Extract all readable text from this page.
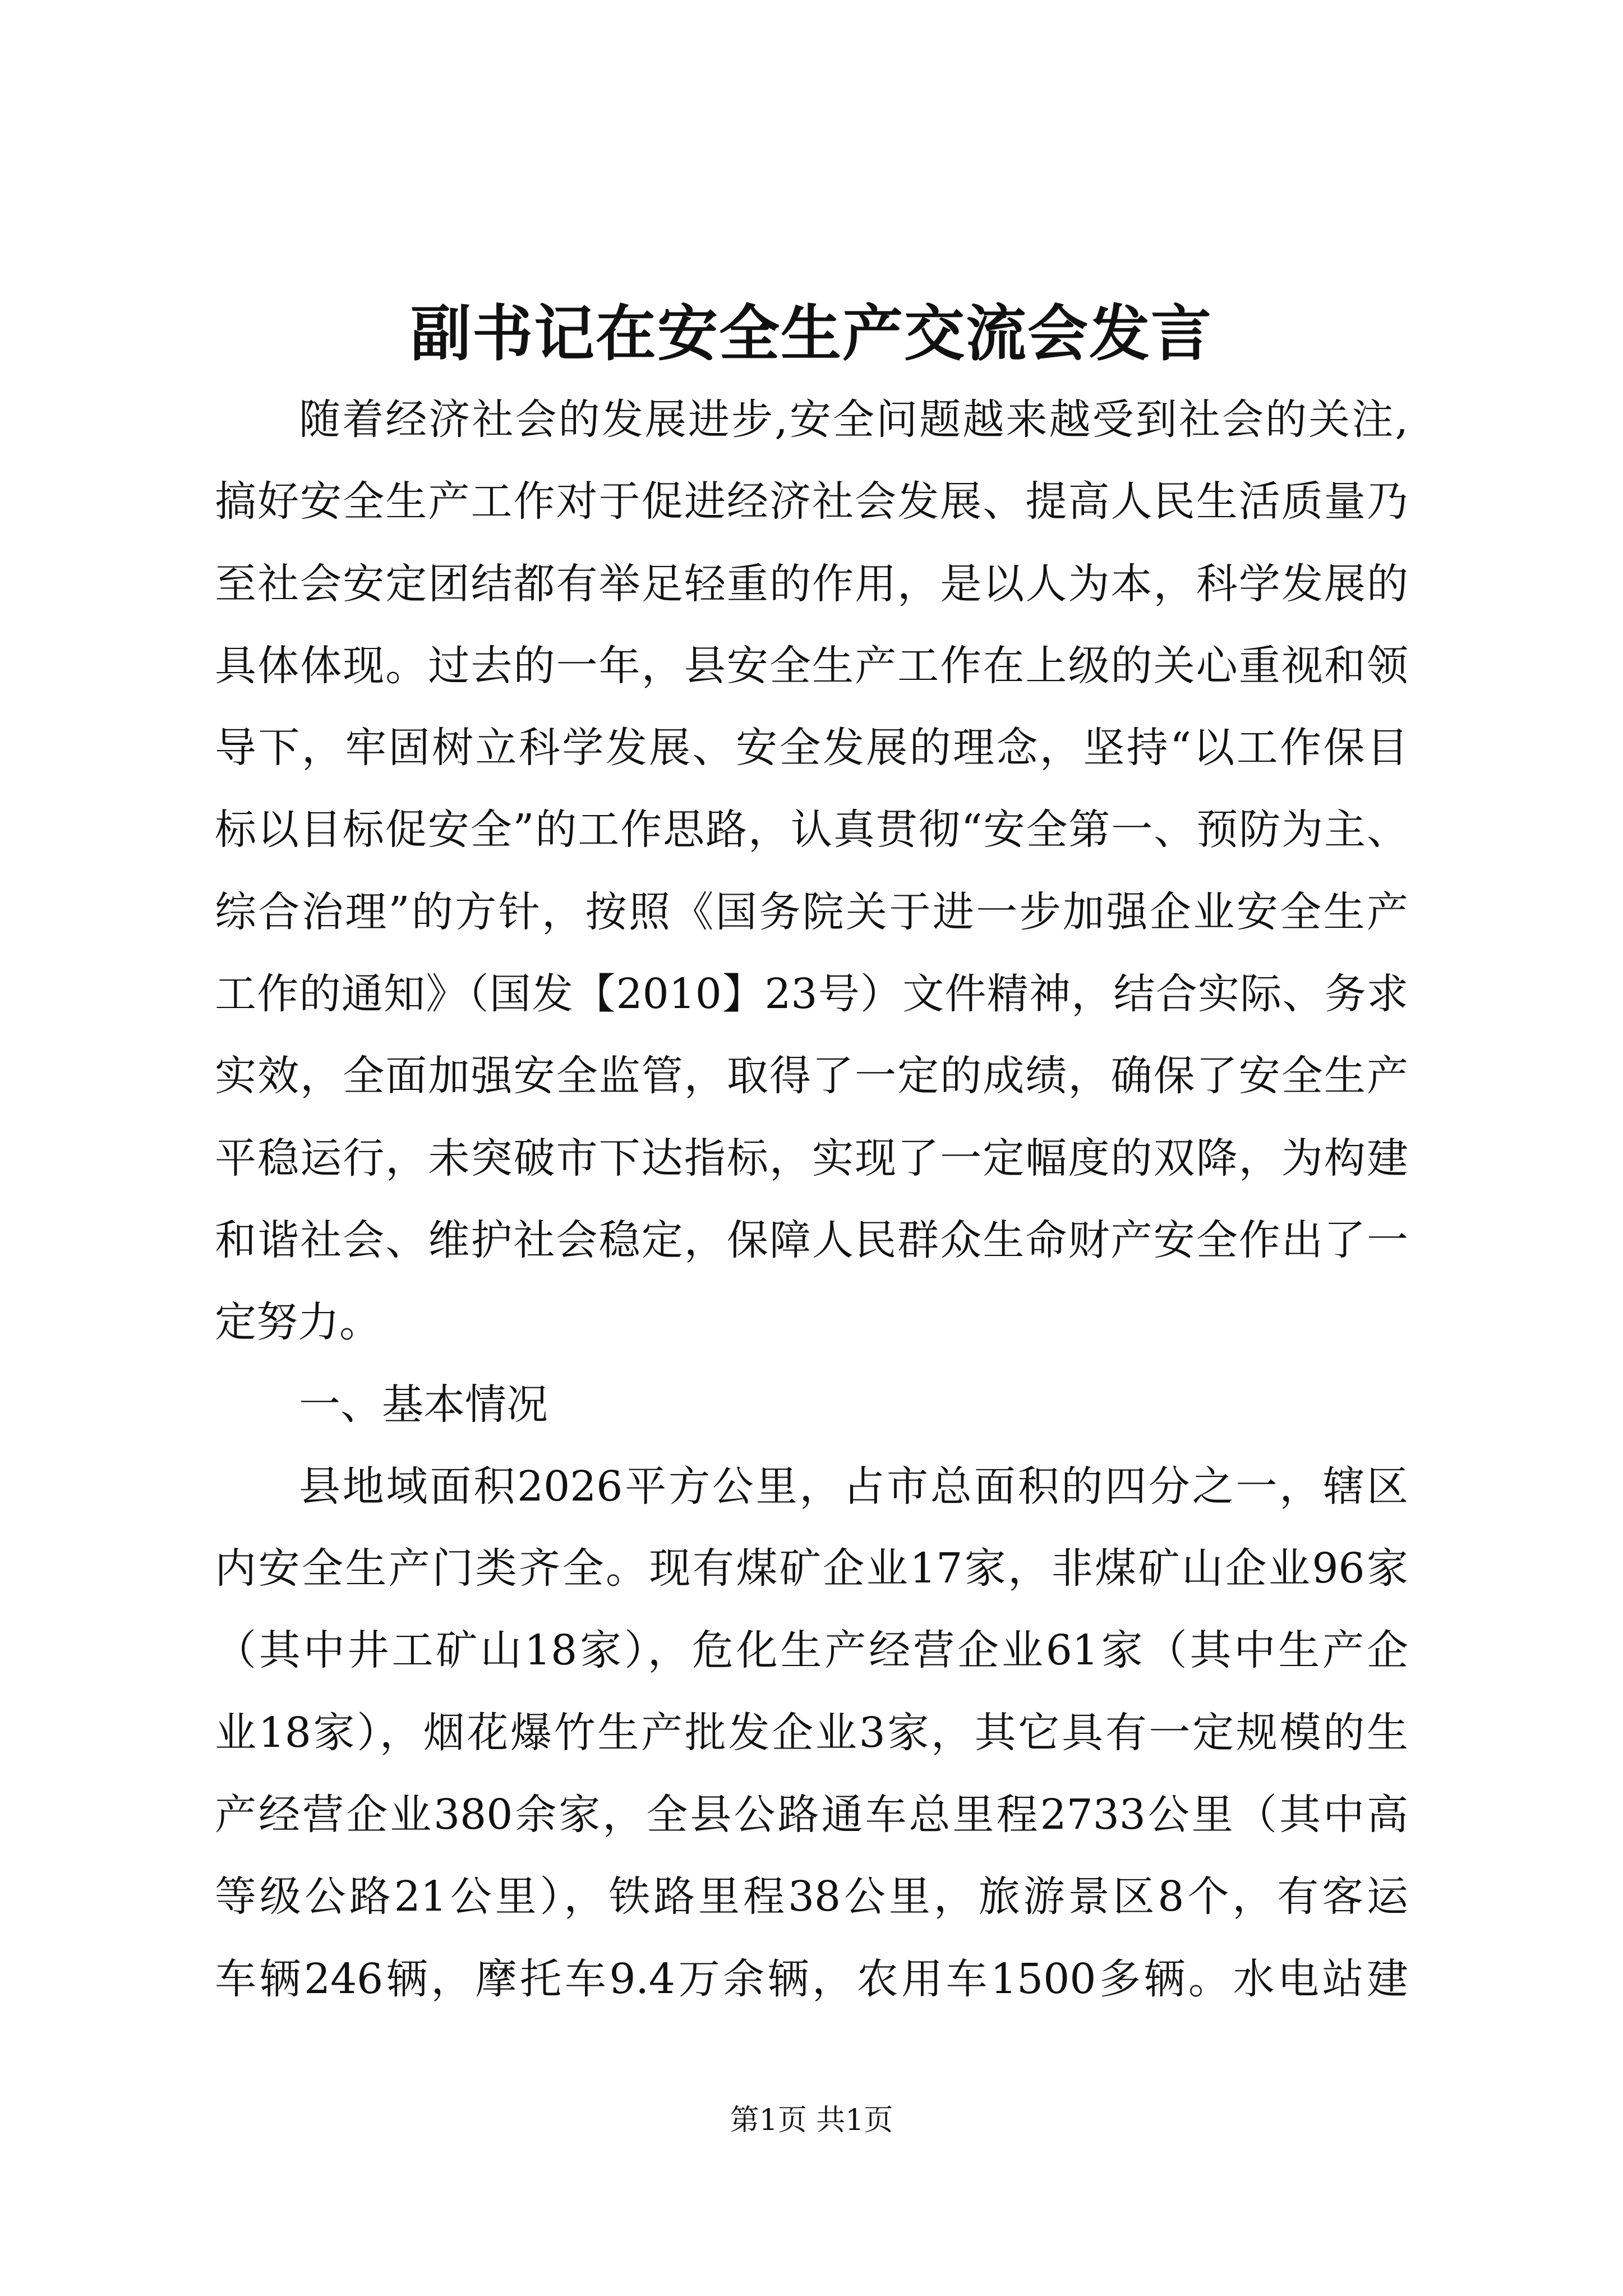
副书记在安全生产交流会发言
随着经济社会的发展进步,安全问题越来越受到社会的关注,
搞好安全生产工作对于促进经济社会发展、提高人民生活质量乃
至社会安定团结都有举足轻重的作用，是以人为本，科学发展的
具体体现。过去的一年，县安全生产工作在上级的关心重视和领
导下，牢固树立科学发展、安全发展的理念，坚持“以工作保目
标以目标促安全”的工作思路，认真贯彻“安全第一、预防为主、
综合治理”的方针，按照《国务院关于进一步加强企业安全生产
工作的通知》（国发【2010】23号）文件精神，结合实际、务求
实效，全面加强安全监管，取得了一定的成绩，确保了安全生产
平稳运行，未突破市下达指标，实现了一定幅度的双降，为构建
和谐社会、维护社会稳定，保障人民群众生命财产安全作出了一
定努力。
一、基本情况
县地域面积2026平方公里，占市总面积的四分之一，辖区
内安全生产门类齐全。现有煤矿企业17家，非煤矿山企业96家
（其中井工矿山18家），危化生产经营企业61家（其中生产企
业18家），烟花爆竹生产批发企业3家，其它具有一定规模的生
产经营企业380余家，全县公路通车总里程2733公里（其中高
等级公路21公里），铁路里程38公里，旅游景区8个，有客运
车辆246辆，摩托车9.4万余辆，农用车1500多辆。水电站建
第1页 共1页
